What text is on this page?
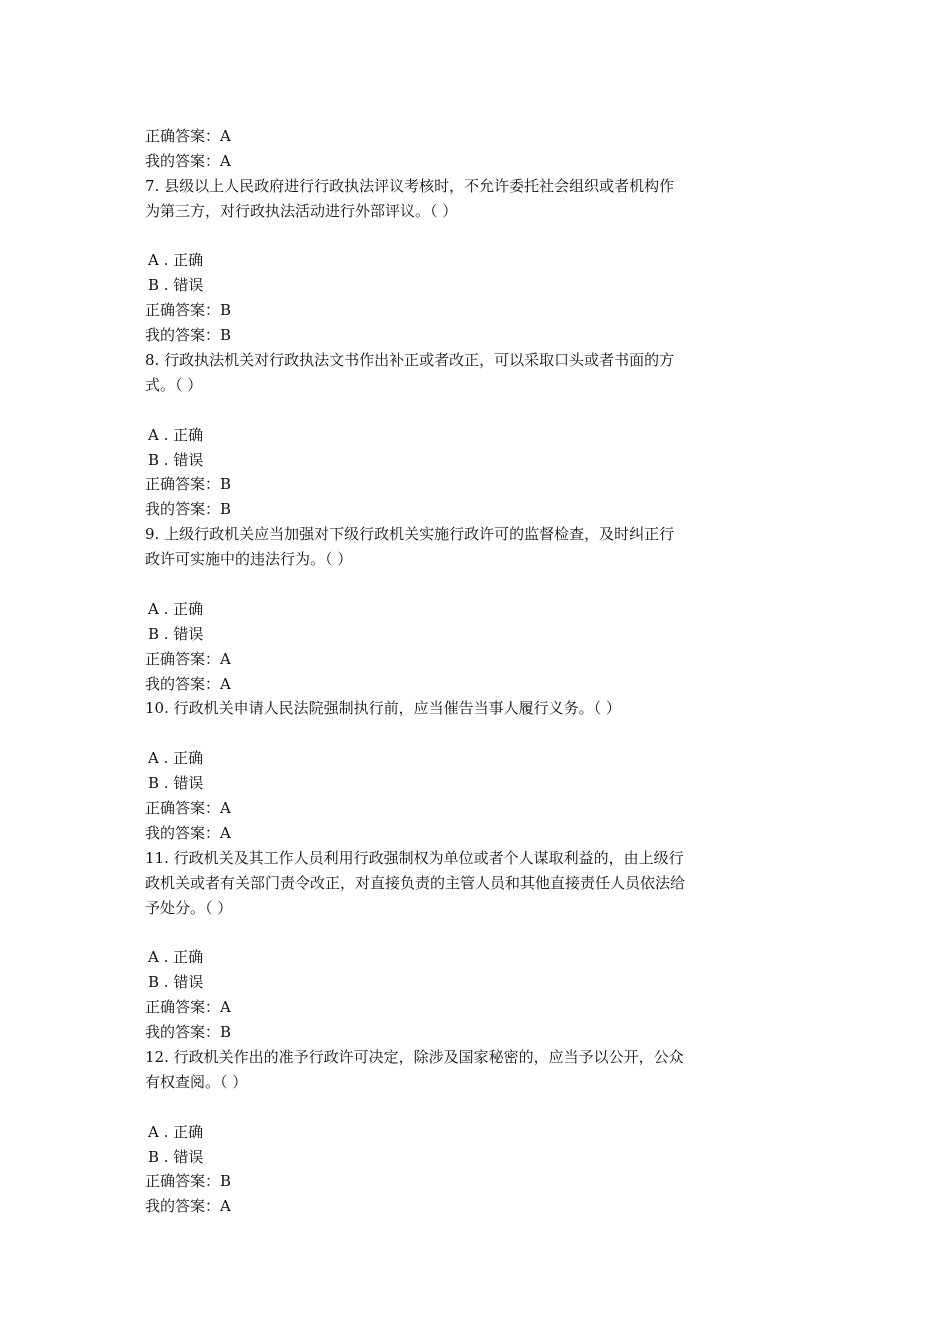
正确答案：A
我的答案：A
7. 县级以上人民政府进行行政执法评议考核时，不允许委托社会组织或者机构作
为第三方，对行政执法活动进行外部评议。（ ）
A . 正确
B . 错误
正确答案：B
我的答案：B
8. 行政执法机关对行政执法文书作出补正或者改正，可以采取口头或者书面的方
式。（ ）
A . 正确
B . 错误
正确答案：B
我的答案：B
9. 上级行政机关应当加强对下级行政机关实施行政许可的监督检查，及时纠正行
政许可实施中的违法行为。（ ）
A . 正确
B . 错误
正确答案：A
我的答案：A
10. 行政机关申请人民法院强制执行前，应当催告当事人履行义务。（ ）
A . 正确
B . 错误
正确答案：A
我的答案：A
11. 行政机关及其工作人员利用行政强制权为单位或者个人谋取利益的，由上级行
政机关或者有关部门责令改正，对直接负责的主管人员和其他直接责任人员依法给
予处分。（ ）
A . 正确
B . 错误
正确答案：A
我的答案：B
12. 行政机关作出的准予行政许可决定，除涉及国家秘密的，应当予以公开，公众
有权查阅。（ ）
A . 正确
B . 错误
正确答案：B
我的答案：A
